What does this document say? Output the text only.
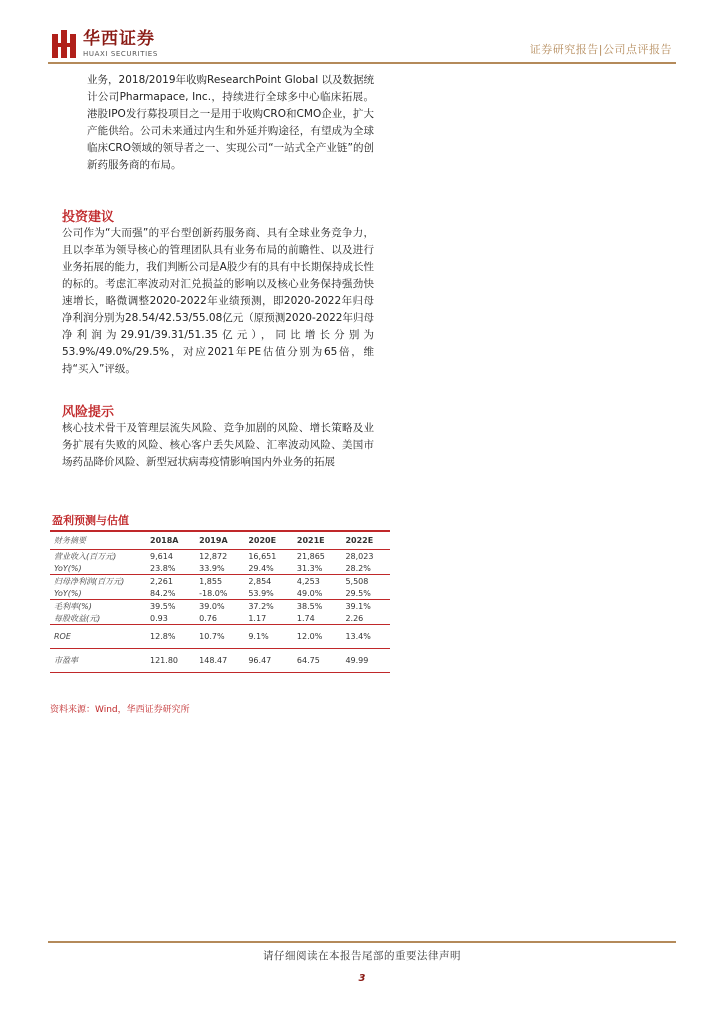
华西证券
HUAXI SECURITIES	证券研究报告|公司点评报告

业务，2018/2019年收购ResearchPoint Global 以及数据统计公司Pharmapace, Inc.，持续进行全球多中心临床拓展。港股IPO发行募投项目之一是用于收购CRO和CMO企业，扩大产能供给。公司未来通过内生和外延并购途径，有望成为全球临床CRO领域的领导者之一、实现公司“一站式全产业链”的创新药服务商的布局。

投资建议

公司作为“大而强”的平台型创新药服务商、具有全球业务竞争力，且以李革为领导核心的管理团队具有业务布局的前瞻性、以及进行业务拓展的能力，我们判断公司是A股少有的具有中长期保持成长性的标的。考虑汇率波动对汇兑损益的影响以及核心业务保持强劲快速增长，略微调整2020-2022年业绩预测，即2020-2022年归母净利润分别为28.54/42.53/55.08亿元（原预测2020-2022年归母净利润为29.91/39.31/51.35亿元），同比增长分别为53.9%/49.0%/29.5%，对应2021年PE估值分别为65倍，维持“买入”评级。

风险提示

核心技术骨干及管理层流失风险、竞争加剧的风险、增长策略及业务扩展有失败的风险、核心客户丢失风险、汇率波动风险、美国市场药品降价风险、新型冠状病毒疫情影响国内外业务的拓展

盈利预测与估值
财务摘要	2018A	2019A	2020E	2021E	2022E
营业收入(百万元)	9,614	12,872	16,651	21,865	28,023
YoY(%)	23.8%	33.9%	29.4%	31.3%	28.2%
归母净利润(百万元)	2,261	1,855	2,854	4,253	5,508
YoY(%)	84.2%	-18.0%	53.9%	49.0%	29.5%
毛利率(%)	39.5%	39.0%	37.2%	38.5%	39.1%
每股收益(元)	0.93	0.76	1.17	1.74	2.26
ROE	12.8%	10.7%	9.1%	12.0%	13.4%
市盈率	121.80	148.47	96.47	64.75	49.99
资料来源：Wind，华西证券研究所
请仔细阅读在本报告尾部的重要法律声明
3
